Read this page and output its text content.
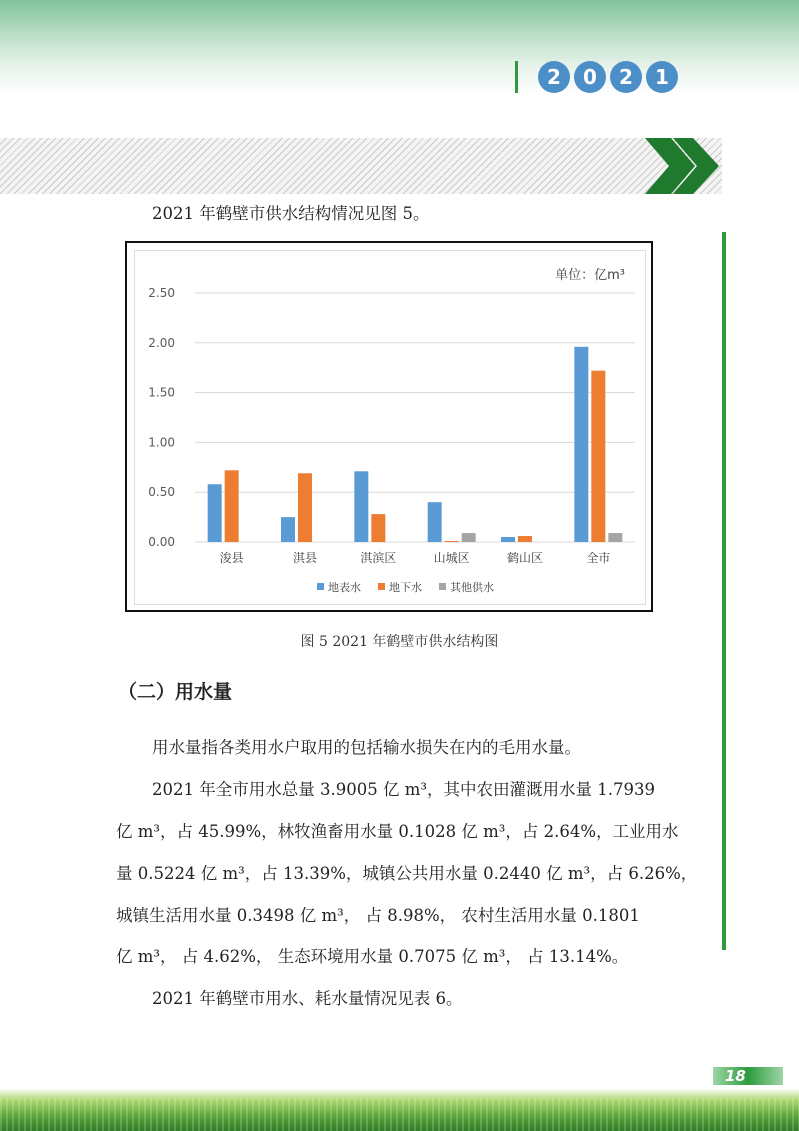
2	0	2	1
2021 年鹤壁市供水结构情况见图 5。
0.00
0.50
1.00
1.50
2.00
2.50
单位：亿m³
浚县	淇县	淇滨区	山城区	鹤山区	全市
地表水	地下水	其他供水
图 5 2021 年鹤壁市供水结构图
（二）用水量
用水量指各类用水户取用的包括输水损失在内的毛用水量。
2021 年全市用水总量 3.9005 亿 m³，其中农田灌溉用水量 1.7939
亿 m³，占 45.99%，林牧渔畜用水量 0.1028 亿 m³，占 2.64%，工业用水
量 0.5224 亿 m³，占 13.39%，城镇公共用水量 0.2440 亿 m³，占 6.26%，
城镇生活用水量 0.3498 亿 m³， 占 8.98%， 农村生活用水量 0.1801
亿 m³， 占 4.62%， 生态环境用水量 0.7075 亿 m³， 占 13.14%。
2021 年鹤壁市用水、耗水量情况见表 6。
18
